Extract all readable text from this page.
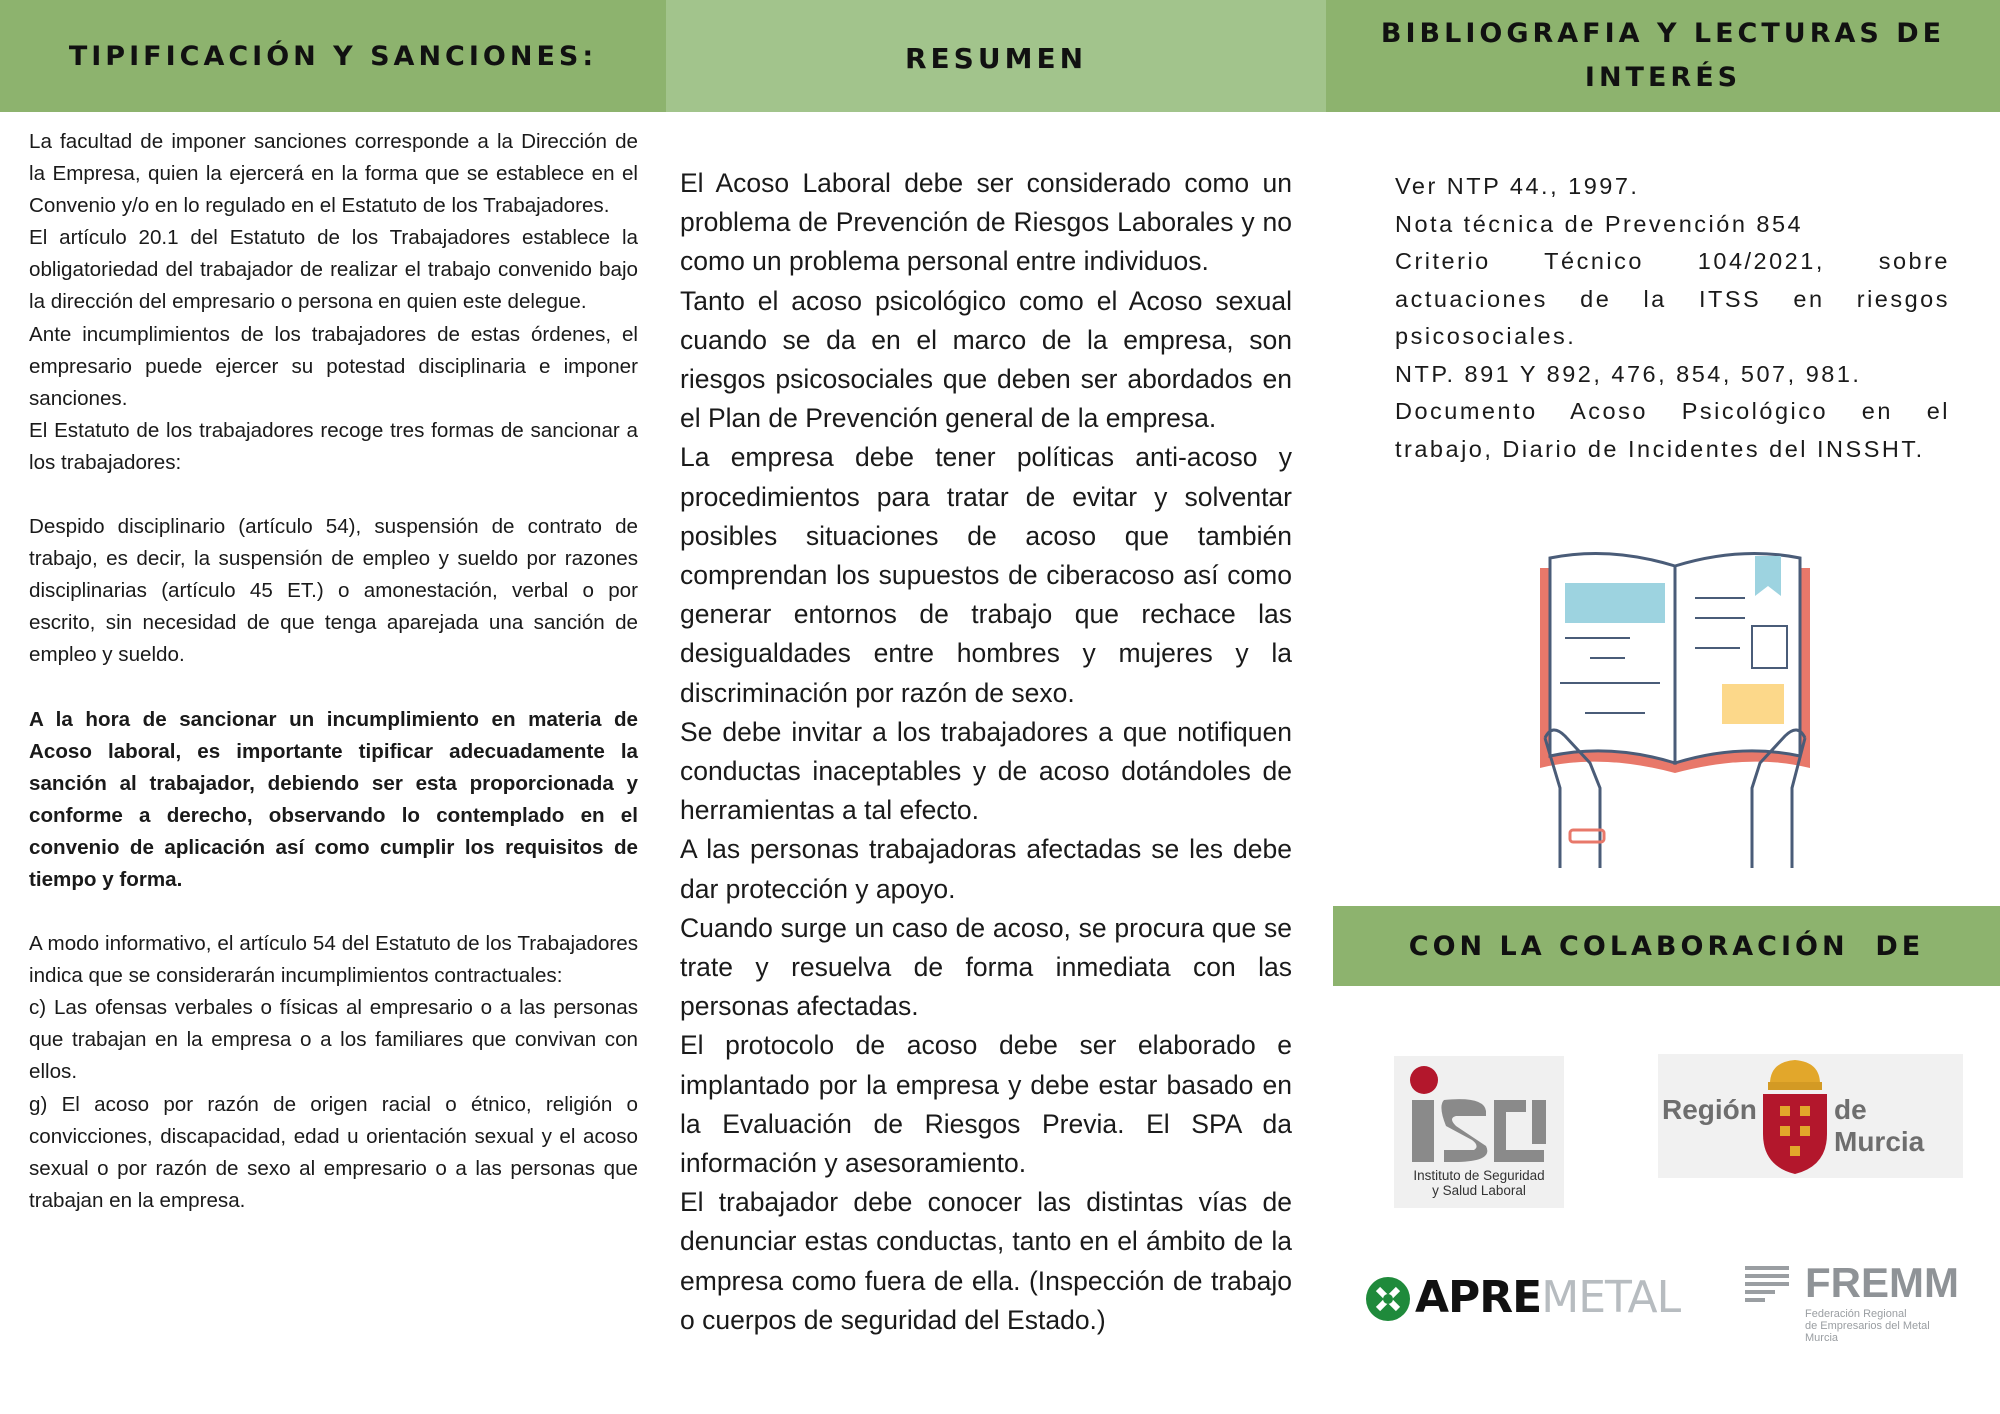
TIPIFICACIÓN Y SANCIONES:	RESUMEN
BIBLIOGRAFIA Y LECTURAS DE
INTERÉS
CON LA COLABORACIÓN  DE

La facultad de imponer sanciones corresponde a la Dirección de la Empresa, quien la ejercerá en la forma que se establece en el Convenio y/o en lo regulado en el Estatuto de los Trabajadores.

El artículo 20.1 del Estatuto de los Trabajadores establece la obligatoriedad del trabajador de realizar el trabajo convenido bajo la dirección del empresario o persona en quien este delegue.

Ante incumplimientos de los trabajadores de estas órdenes, el empresario puede ejercer su potestad disciplinaria e imponer sanciones.

El Estatuto de los trabajadores recoge tres formas de sancionar a los trabajadores:

Despido disciplinario (artículo 54), suspensión de contrato de trabajo, es decir, la suspensión de empleo y sueldo por razones disciplinarias (artículo 45 ET.) o amonestación, verbal o por escrito, sin necesidad de que tenga aparejada una sanción de empleo y sueldo.

A la hora de sancionar un incumplimiento en materia de Acoso laboral, es importante tipificar adecuadamente la sanción al trabajador, debiendo ser esta proporcionada y conforme a derecho, observando lo contemplado en el convenio de aplicación así como cumplir los requisitos de tiempo y forma.

A modo informativo, el artículo 54 del Estatuto de los Trabajadores indica que se considerarán incumplimientos contractuales:

c) Las ofensas verbales o físicas al empresario o a las personas que trabajan en la empresa o a los familiares que convivan con ellos.

g) El acoso por razón de origen racial o étnico, religión o convicciones, discapacidad, edad u orientación sexual y el acoso sexual o por razón de sexo al empresario o a las personas que trabajan en la empresa.

El Acoso Laboral debe ser considerado como un problema de Prevención de Riesgos Laborales y no como un problema personal entre individuos.

Tanto el acoso psicológico como el Acoso sexual cuando se da en el marco de la empresa, son riesgos psicosociales que deben ser abordados en el Plan de Prevención general de la empresa.

La empresa debe tener políticas anti-acoso y procedimientos para tratar de evitar y solventar posibles situaciones de acoso que también comprendan los supuestos de ciberacoso así como generar entornos de trabajo que rechace las desigualdades entre hombres y mujeres y la discriminación por razón de sexo.

Se debe invitar a los trabajadores a que notifiquen conductas inaceptables y de acoso dotándoles de herramientas a tal efecto.

A las personas trabajadoras afectadas se les debe dar protección y apoyo.

Cuando surge un caso de acoso, se procura que se trate y resuelva de forma inmediata con las personas afectadas.

El protocolo de acoso debe ser elaborado e implantado por la empresa y debe estar basado en la Evaluación de Riesgos Previa. El SPA da información y asesoramiento.

El trabajador debe conocer las distintas vías de denunciar estas conductas, tanto en el ámbito de la empresa como fuera de ella. (Inspección de trabajo o cuerpos de seguridad del Estado.)

Ver NTP 44., 1997.

Nota técnica de Prevención 854

Criterio Técnico 104/2021, sobre actuaciones de la ITSS en riesgos psicosociales.

NTP. 891 Y 892, 476, 854, 507, 981.

Documento Acoso Psicológico en el trabajo, Diario de Incidentes del INSSHT.

Instituto de Seguridad
y Salud Laboral
Región	de Murcia
APREMETAL	FREMM
Federación Regional
de Empresarios del Metal
Murcia
